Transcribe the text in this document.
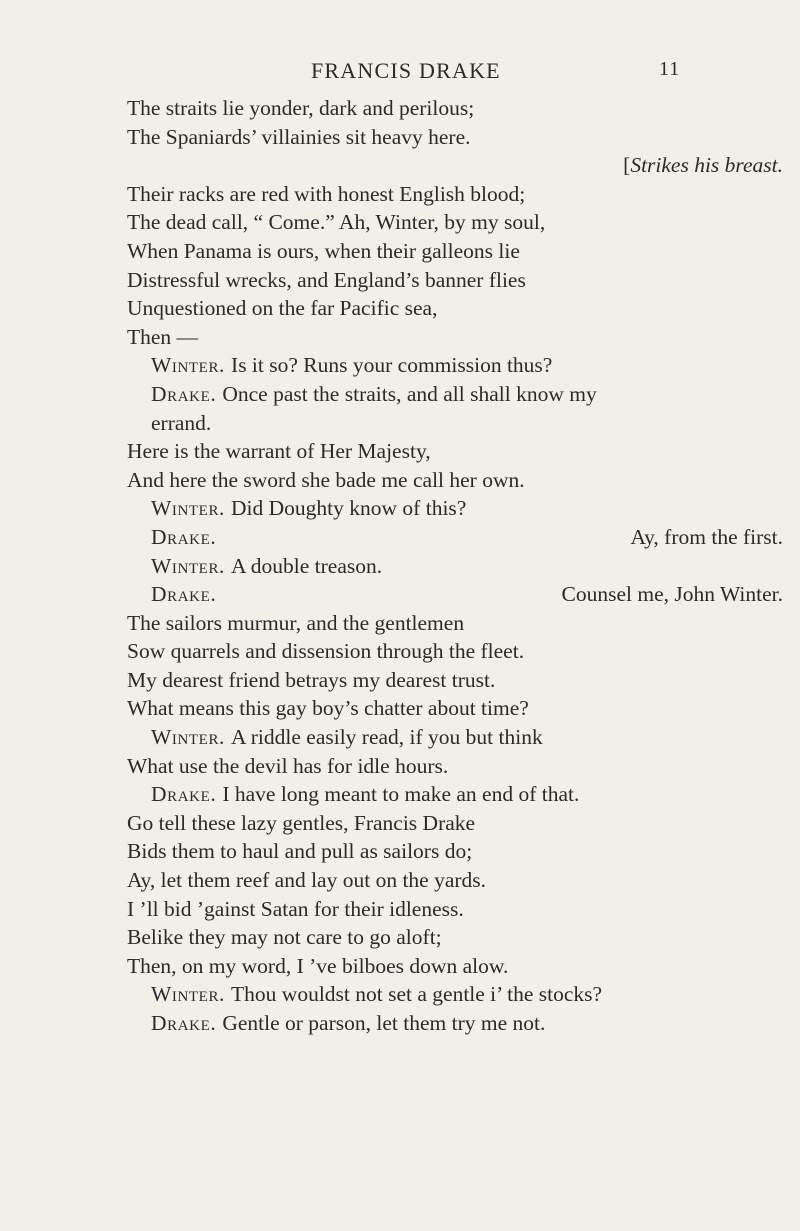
FRANCIS DRAKE	11
The straits lie yonder, dark and perilous;
The Spaniards’ villainies sit heavy here.
[Strikes his breast.
Their racks are red with honest English blood;
The dead call, “ Come.” Ah, Winter, by my soul,
When Panama is ours, when their galleons lie
Distressful wrecks, and England’s banner flies
Unquestioned on the far Pacific sea,
Then —
Winter. Is it so? Runs your commission thus?
Drake. Once past the straits, and all shall know my
errand.
Here is the warrant of Her Majesty,
And here the sword she bade me call her own.
Winter. Did Doughty know of this?
Drake.	Ay, from the first.
Winter. A double treason.
Drake.	Counsel me, John Winter.
The sailors murmur, and the gentlemen
Sow quarrels and dissension through the fleet.
My dearest friend betrays my dearest trust.
What means this gay boy’s chatter about time?
Winter. A riddle easily read, if you but think
What use the devil has for idle hours.
Drake. I have long meant to make an end of that.
Go tell these lazy gentles, Francis Drake
Bids them to haul and pull as sailors do;
Ay, let them reef and lay out on the yards.
I ’ll bid ’gainst Satan for their idleness.
Belike they may not care to go aloft;
Then, on my word, I ’ve bilboes down alow.
Winter. Thou wouldst not set a gentle i’ the stocks?
Drake. Gentle or parson, let them try me not.
